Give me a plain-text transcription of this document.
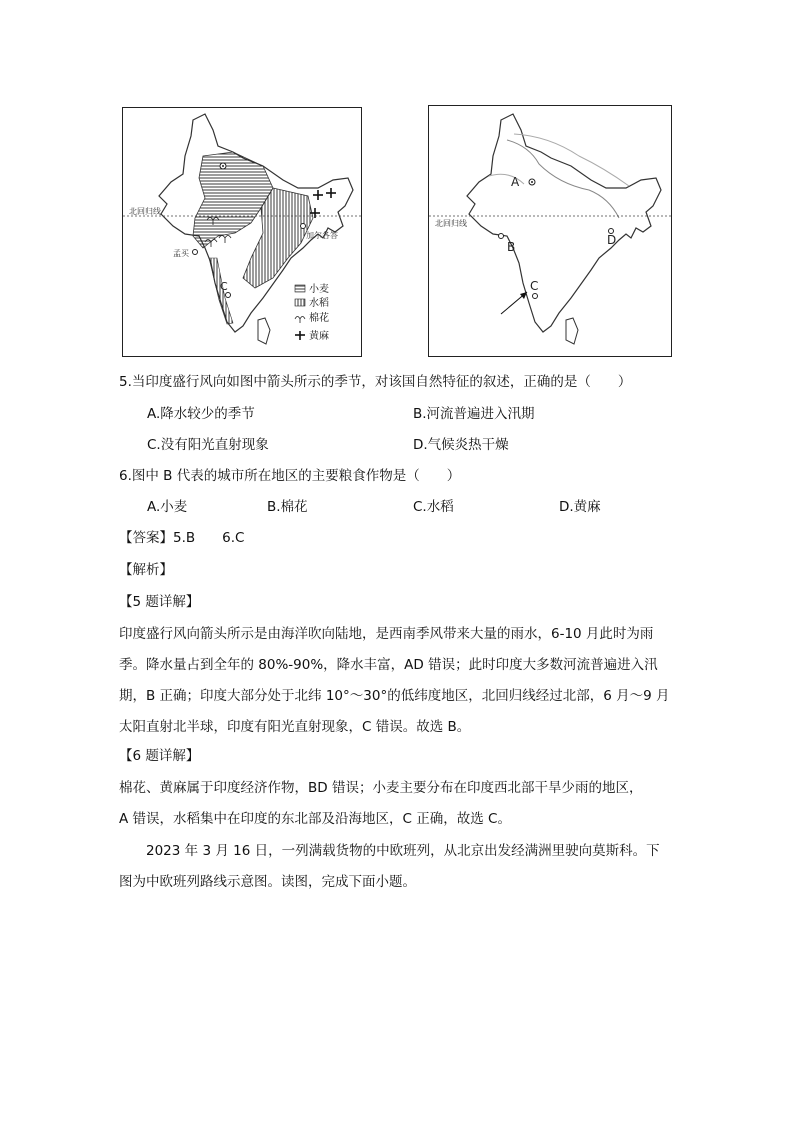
北回归线
孟买
加尔各答
C	小麦
水稻
棉花
黄麻
北回归线
A
B
C
D
5.当印度盛行风向如图中箭头所示的季节，对该国自然特征的叙述，正确的是（　　）
A.降水较少的季节	B.河流普遍进入汛期
C.没有阳光直射现象	D.气候炎热干燥
6.图中 B 代表的城市所在地区的主要粮食作物是（　　）
A.小麦	B.棉花	C.水稻	D.黄麻
【答案】5.B　　6.C
【解析】
【5 题详解】
印度盛行风向箭头所示是由海洋吹向陆地，是西南季风带来大量的雨水，6-10 月此时为雨
季。降水量占到全年的 80%-90%，降水丰富，AD 错误；此时印度大多数河流普遍进入汛
期，B 正确；印度大部分处于北纬 10°～30°的低纬度地区，北回归线经过北部，6 月～9 月
太阳直射北半球，印度有阳光直射现象，C 错误。故选 B。
【6 题详解】
棉花、黄麻属于印度经济作物，BD 错误；小麦主要分布在印度西北部干旱少雨的地区，
A 错误，水稻集中在印度的东北部及沿海地区，C 正确，故选 C。
2023 年 3 月 16 日，一列满载货物的中欧班列，从北京出发经满洲里驶向莫斯科。下
图为中欧班列路线示意图。读图，完成下面小题。
